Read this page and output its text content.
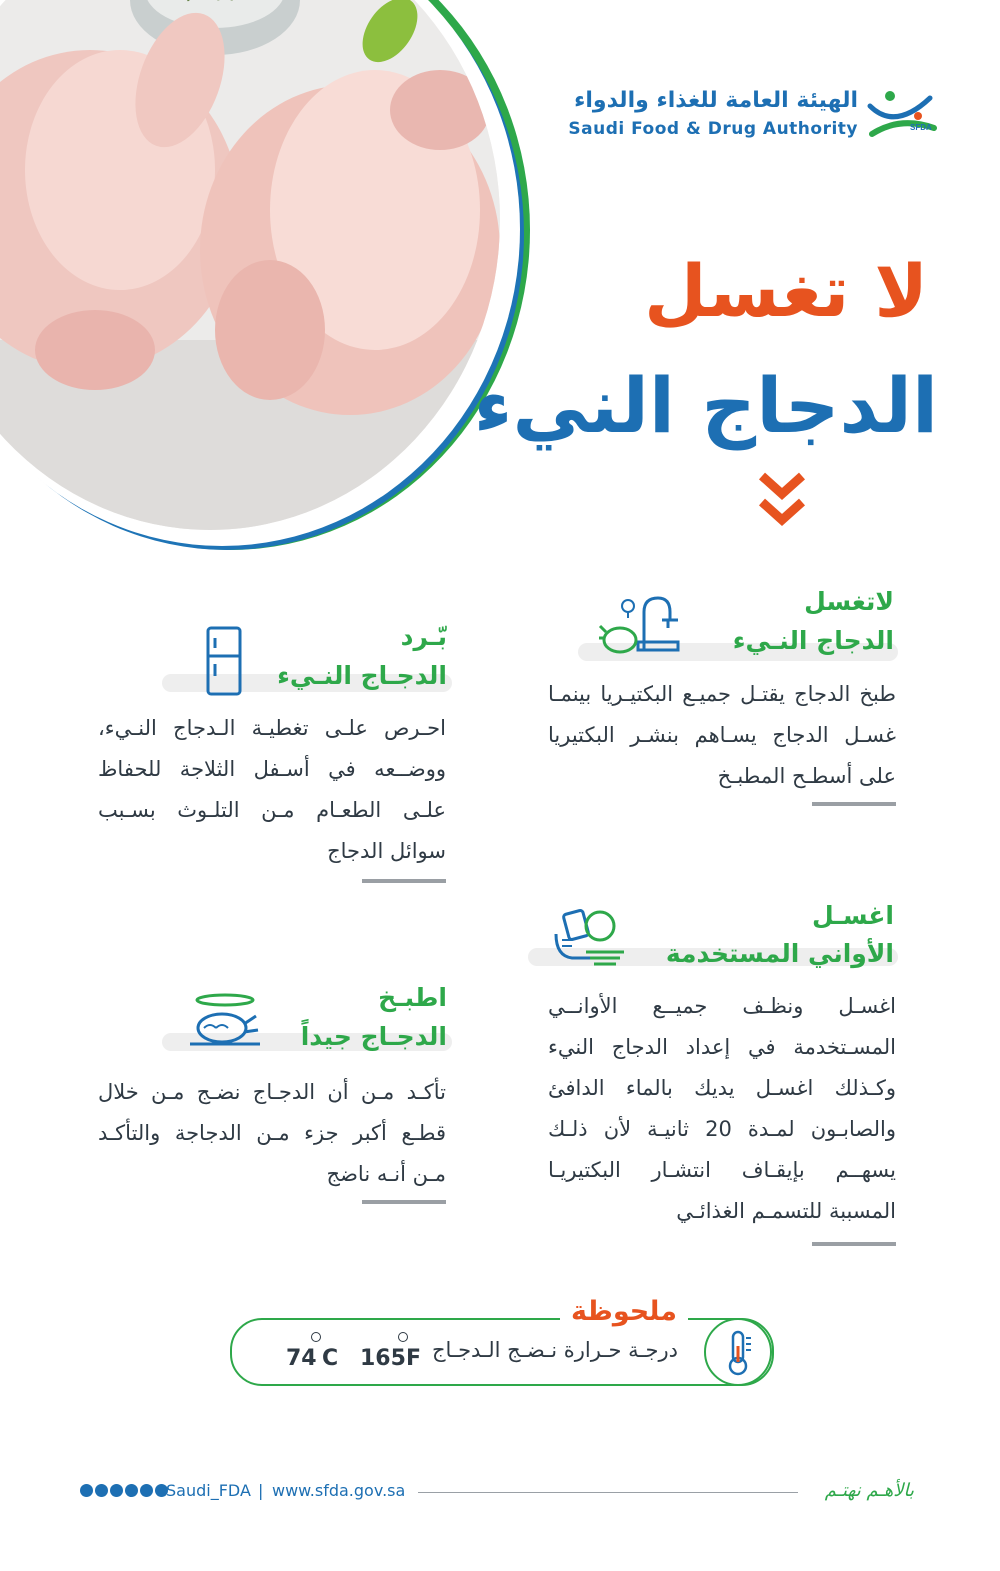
الهيئة العامة للغذاء والدواء
Saudi Food & Drug Authority	SFDA
لا تغسل
الدجاج النيء
لاتغسل
الدجاج النـيء
طبخ الدجاج يقتـل جميـع البكتيـريا بينمـا غسـل الدجاج يسـاهم بنشـر البكتيريا على أسطـح المطبـخ
بّـرد
الدجـاج النـيء
احـرص علـى تغطيـة الـدجاج النـيء، ووضــعه في أسـفل الثلاجة للحفاظ علـى الطعـام مـن التلـوث بسـبب سوائل الدجاج
اغسـل
الأواني المستخدمة
اغسـل ونظـف جميــع الأوانــي المسـتخدمة في إعداد الدجاج النيء وكـذلك اغسـل يديك بالماء الدافئ والصابـون لمـدة 20 ثانيـة لأن ذلـك يسهــم بإيقـاف انتشـار البكتيريـا المسببة للتسمـم الغذائـي
اطبـخ
الدجـاج جيداً
تأكـد مـن أن الدجـاج نضـج مـن خلال قطـع أكبر جزء مـن الدجاجة والتأكـد مـن أنـه ناضج
ملحوظة
درجـة حـرارة نـضـج الـدجـاج
165 F
74 C
Saudi_FDA | www.sfda.gov.sa	بالأهـم نهتـم
